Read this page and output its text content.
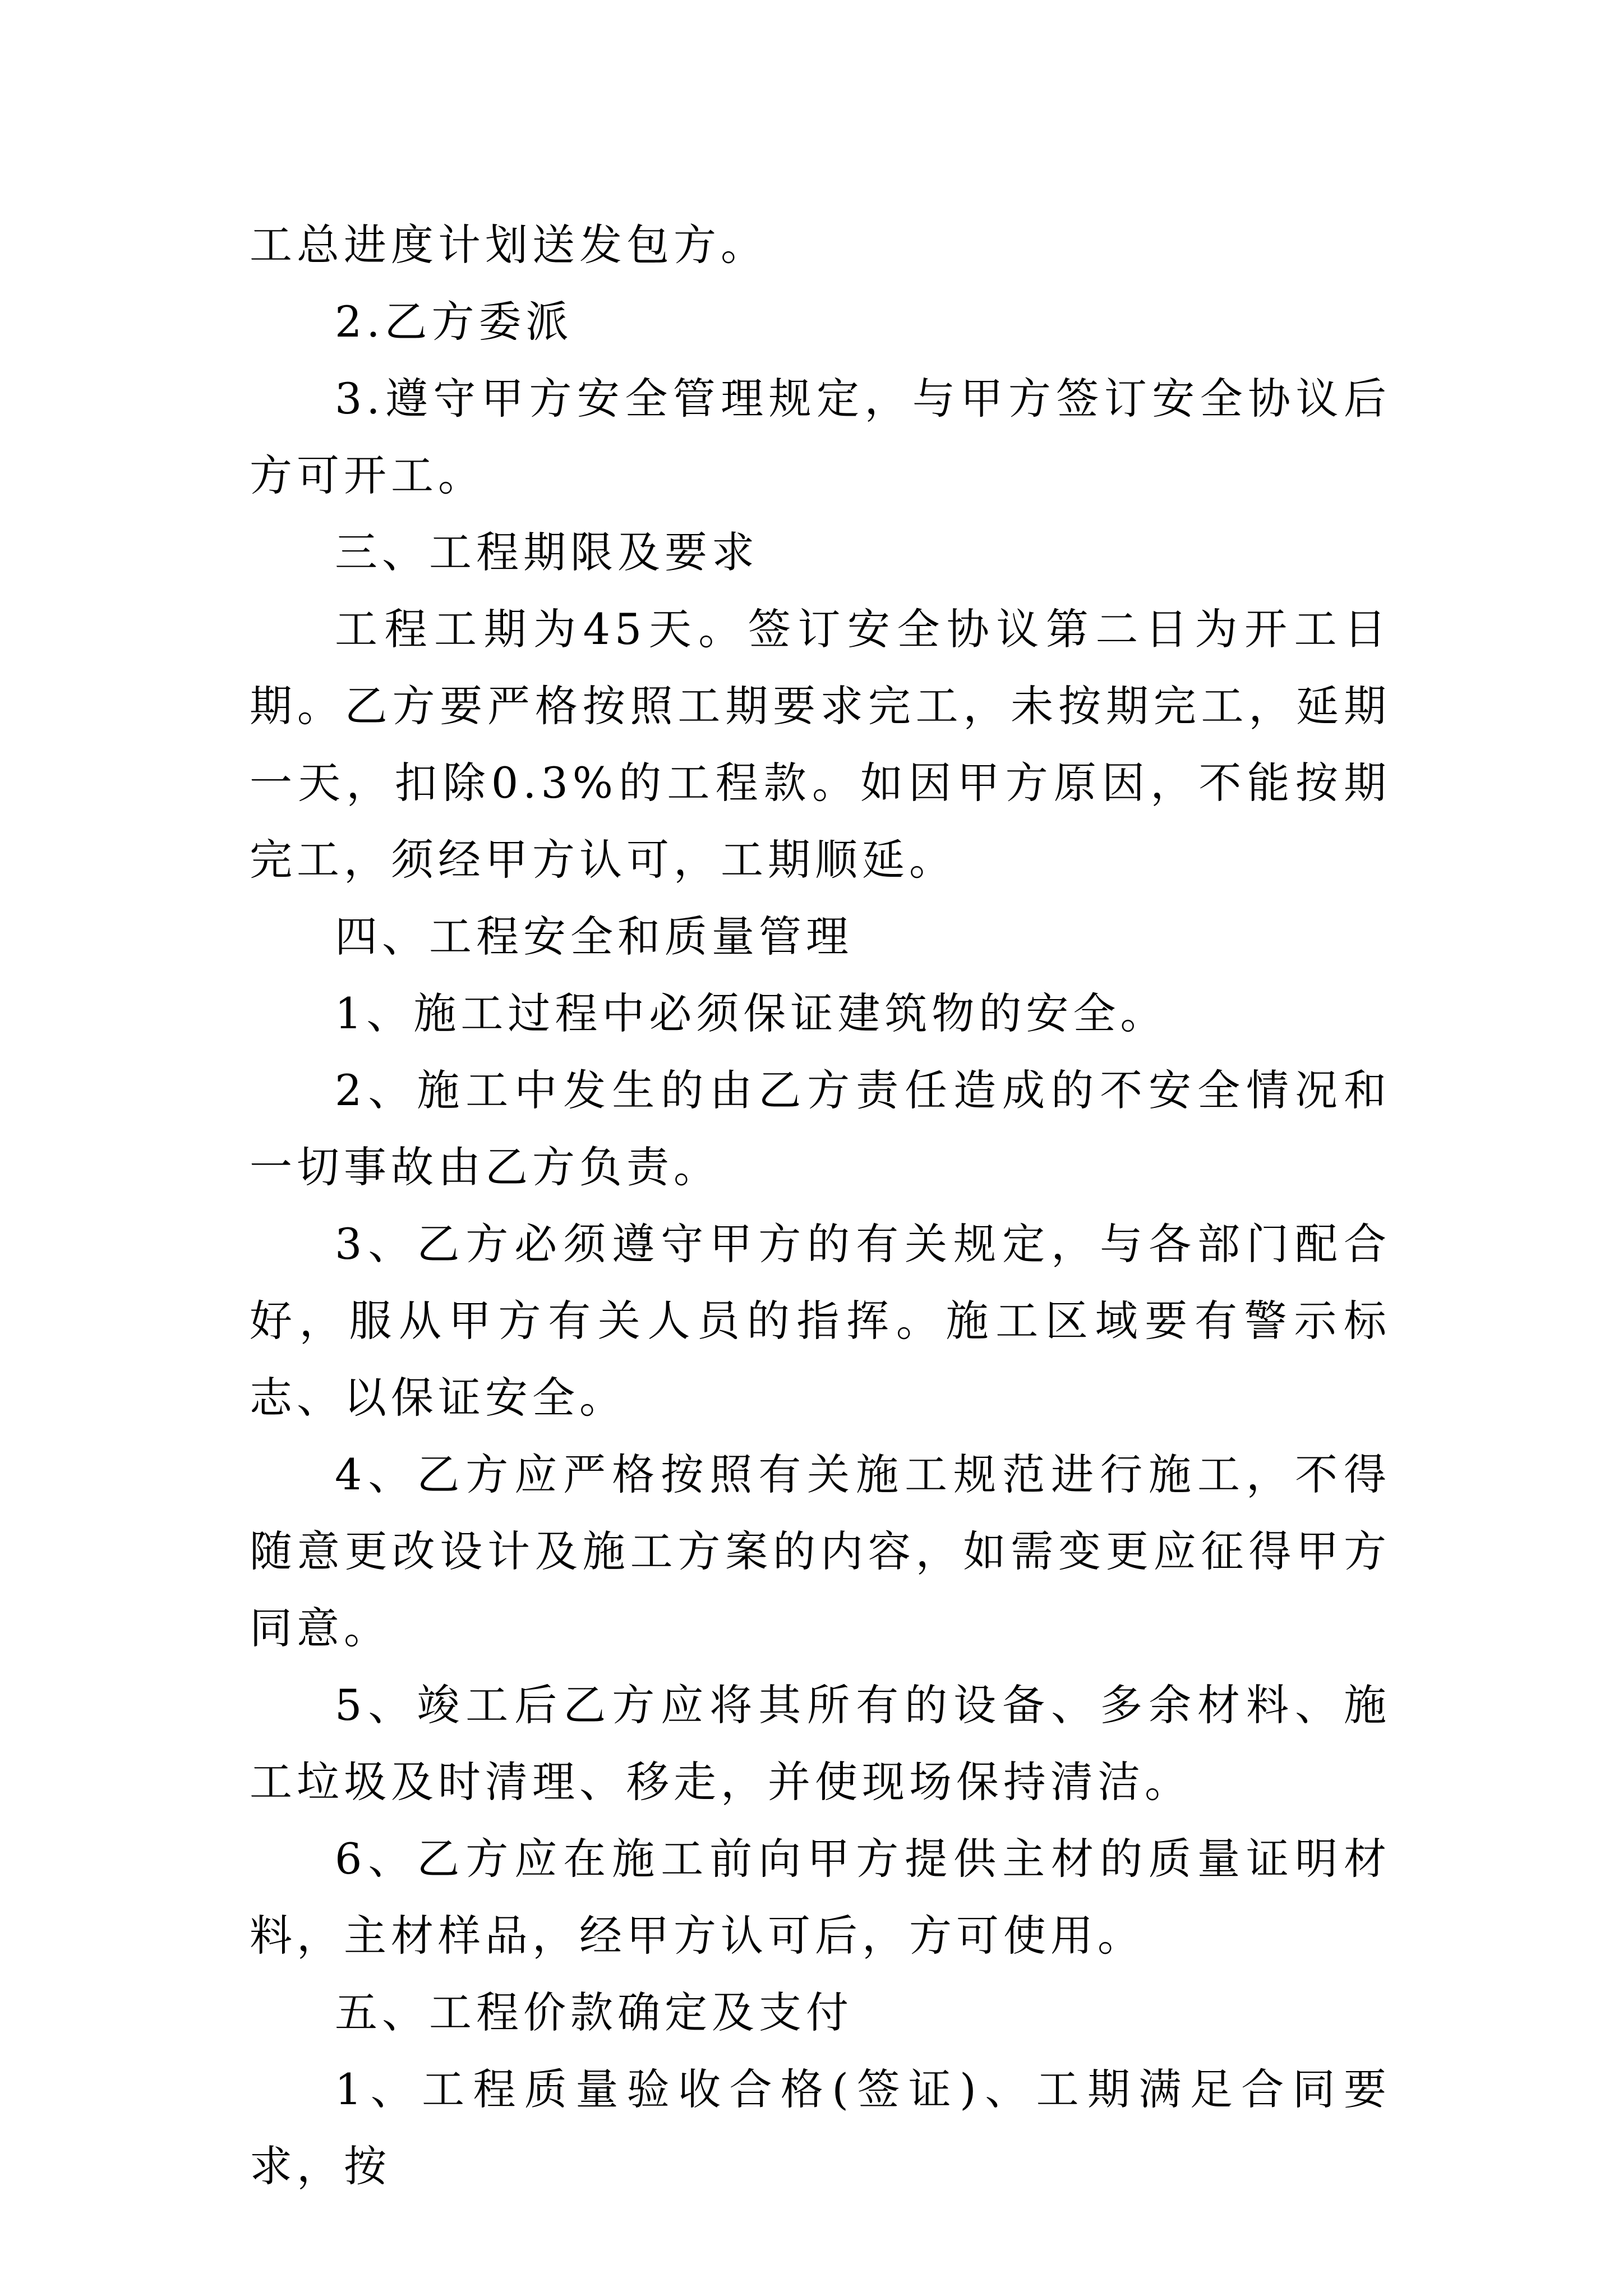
工总进度计划送发包方。

2.乙方委派

3.遵守甲方安全管理规定，与甲方签订安全协议后方可开工。

三、工程期限及要求

工程工期为45天。签订安全协议第二日为开工日期。乙方要严格按照工期要求完工，未按期完工，延期一天，扣除0.3%的工程款。如因甲方原因，不能按期完工，须经甲方认可，工期顺延。

四、工程安全和质量管理

1、施工过程中必须保证建筑物的安全。

2、施工中发生的由乙方责任造成的不安全情况和一切事故由乙方负责。

3、乙方必须遵守甲方的有关规定，与各部门配合好，服从甲方有关人员的指挥。施工区域要有警示标志、以保证安全。

4、乙方应严格按照有关施工规范进行施工，不得随意更改设计及施工方案的内容，如需变更应征得甲方同意。

5、竣工后乙方应将其所有的设备、多余材料、施工垃圾及时清理、移走，并使现场保持清洁。

6、乙方应在施工前向甲方提供主材的质量证明材料，主材样品，经甲方认可后，方可使用。

五、工程价款确定及支付

1、工程质量验收合格(签证)、工期满足合同要求，按
